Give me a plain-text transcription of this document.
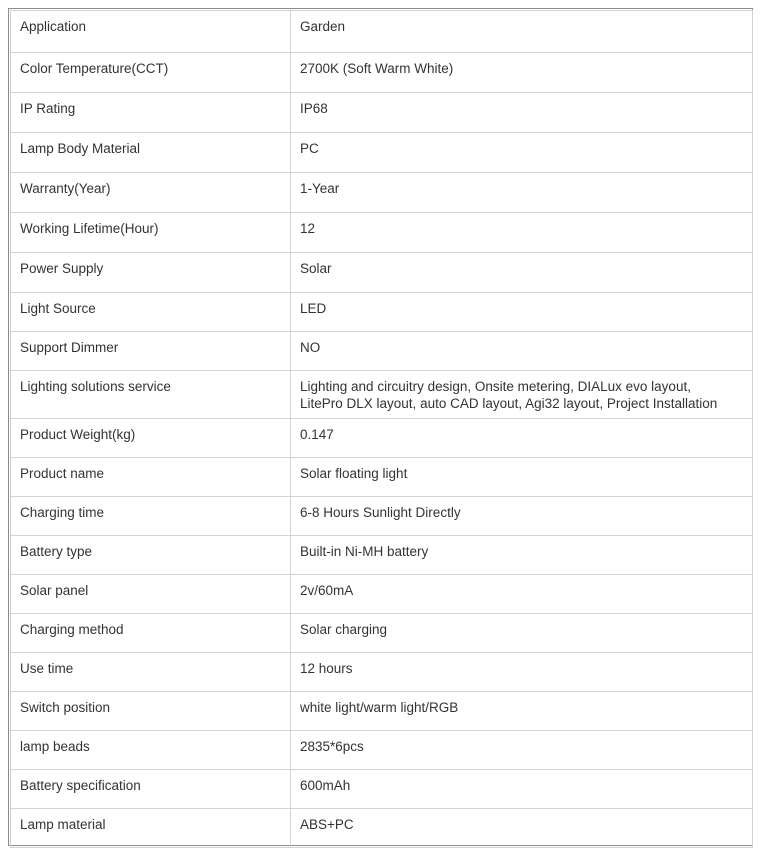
Application	Garden
Color Temperature(CCT)	2700K (Soft Warm White)
IP Rating	IP68
Lamp Body Material	PC
Warranty(Year)	1-Year
Working Lifetime(Hour)	12
Power Supply	Solar
Light Source	LED
Support Dimmer	NO
Lighting solutions service	Lighting and circuitry design, Onsite metering, DIALux evo layout,
LitePro DLX layout, auto CAD layout, Agi32 layout, Project Installation

Product Weight(kg)	0.147
Product name	Solar floating light
Charging time	6-8 Hours Sunlight Directly
Battery type	Built-in Ni-MH battery
Solar panel	2v/60mA
Charging method	Solar charging
Use time	12 hours
Switch position	white light/warm light/RGB
lamp beads	2835*6pcs
Battery specification	600mAh
Lamp material	ABS+PC
